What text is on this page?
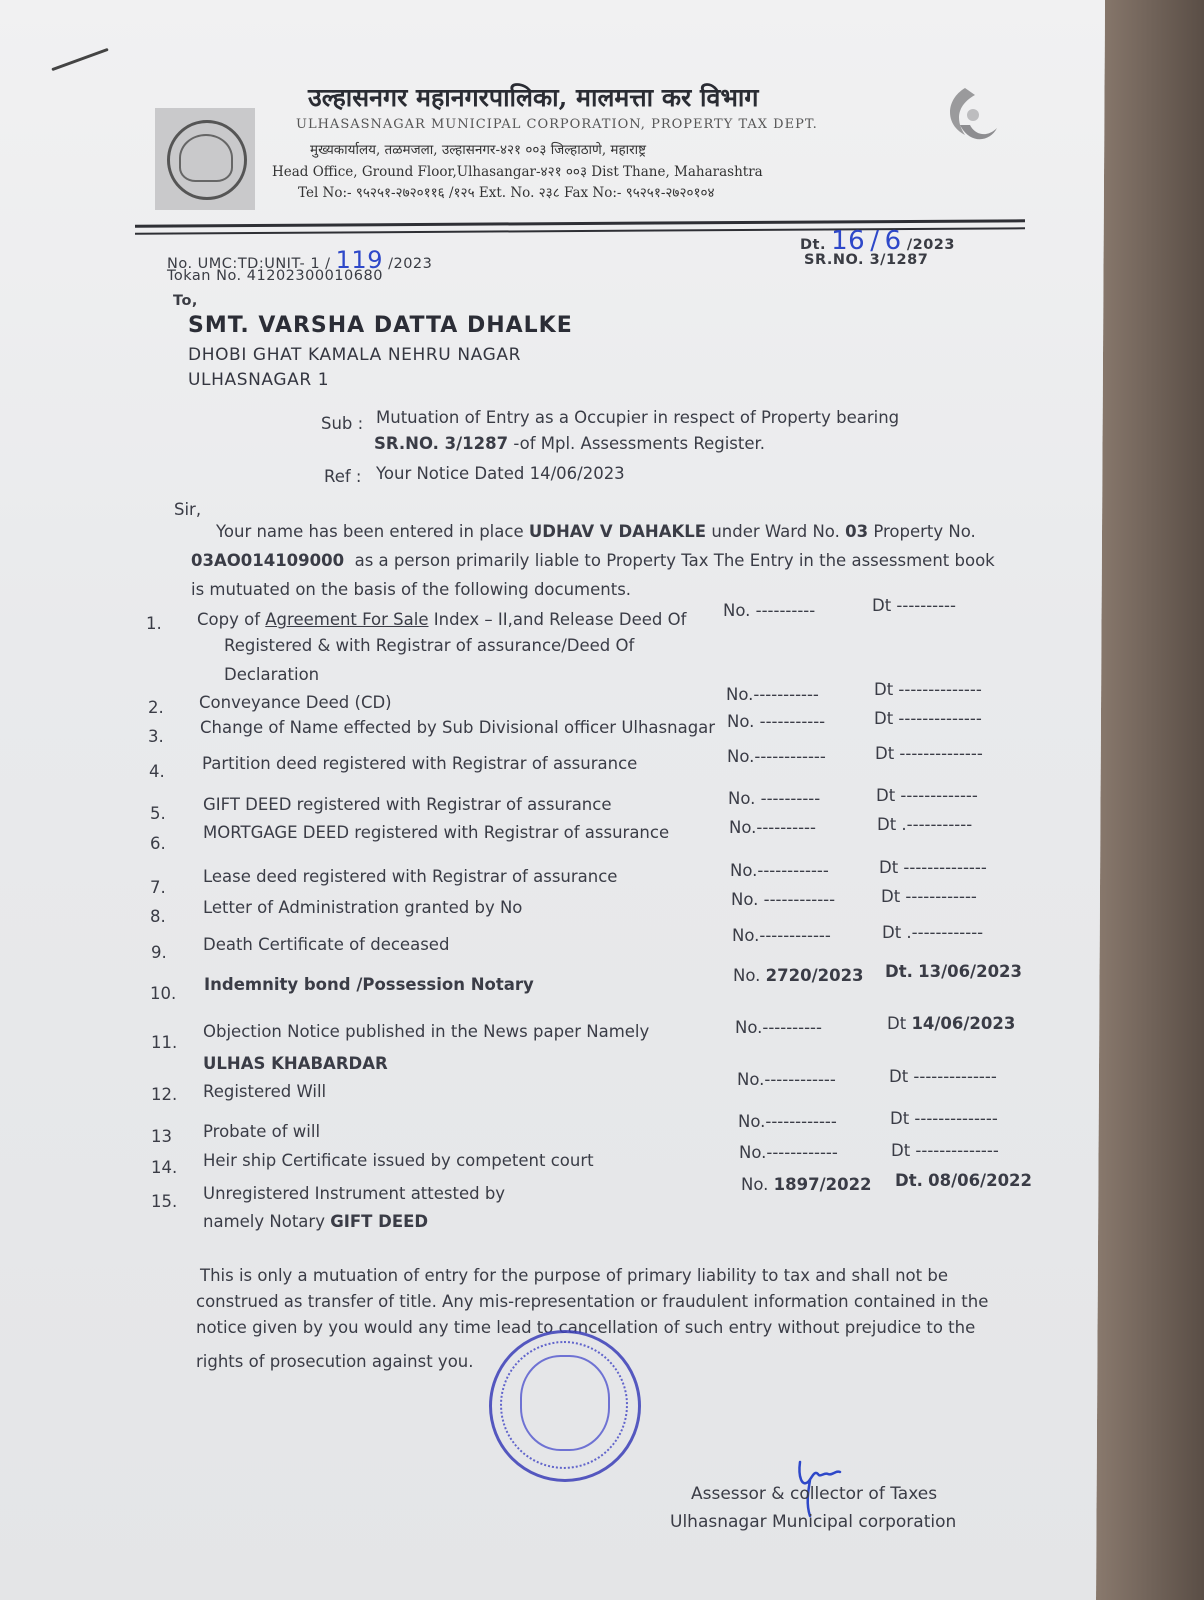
उल्हासनगर महानगरपालिका, मालमत्ता कर विभाग
ULHASASNAGAR MUNICIPAL CORPORATION, PROPERTY TAX DEPT.
मुख्यकार्यालय, तळमजला, उल्हासनगर-४२१ ००३ जिल्हाठाणे, महाराष्ट्र
Head Office, Ground Floor,Ulhasangar-४२१ ००३ Dist Thane, Maharashtra
Tel No:- ९५२५१-२७२०११६ /१२५ Ext. No. २३८ Fax No:- ९५२५१-२७२०१०४
No. UMC:TD:UNIT- 1 / 119 /2023
Tokan No. 41202300010680
Dt. 16 / 6 /2023
SR.NO. 3/1287
To,
SMT. VARSHA DATTA DHALKE
DHOBI GHAT KAMALA NEHRU NAGAR
ULHASNAGAR 1
Sub : Mutuation of Entry as a Occupier in respect of Property bearing
SR.NO. 3/1287 -of Mpl. Assessments Register.
Ref : Your Notice Dated 14/06/2023
Sir,
Your name has been entered in place UDHAV V DAHAKLE under Ward No. 03 Property No.
03AO014109000 as a person primarily liable to Property Tax The Entry in the assessment book
is mutuated on the basis of the following documents.
1. Copy of Agreement For Sale Index – II,and Release Deed Of
Registered & with Registrar of assurance/Deed Of
Declaration
No. ----------	Dt ----------
2. Conveyance Deed (CD)	No.-----------	Dt --------------
3. Change of Name effected by Sub Divisional officer Ulhasnagar No. -----------	Dt --------------
4. Partition deed registered with Registrar of assurance	No.------------	Dt --------------
5. GIFT DEED registered with Registrar of assurance	No. ----------	Dt -------------
6.
MORTGAGE DEED registered with Registrar of assurance	No.----------	Dt .-----------
7.
Lease deed registered with Registrar of assurance	No.------------	Dt --------------
8. Letter of Administration granted by No	No. ------------	Dt ------------
9. Death Certificate of deceased	No.------------	Dt .------------
10. Indemnity bond /Possession Notary	No. 2720/2023 Dt. 13/06/2023
11.
Objection Notice published in the News paper Namely
ULHAS KHABARDAR
No.----------	Dt 14/06/2023
12. Registered Will
No.------------	Dt --------------
13 Probate of will
No.------------	Dt --------------
14. Heir ship Certificate issued by competent court	No.------------	Dt --------------
15. Unregistered Instrument attested by
namely Notary GIFT DEED
No. 1897/2022 Dt. 08/06/2022
This is only a mutuation of entry for the purpose of primary liability to tax and shall not be
construed as transfer of title. Any mis-representation or fraudulent information contained in the
notice given by you would any time lead to cancellation of such entry without prejudice to the
rights of prosecution against you.
Assessor & collector of Taxes
Ulhasnagar Municipal corporation
